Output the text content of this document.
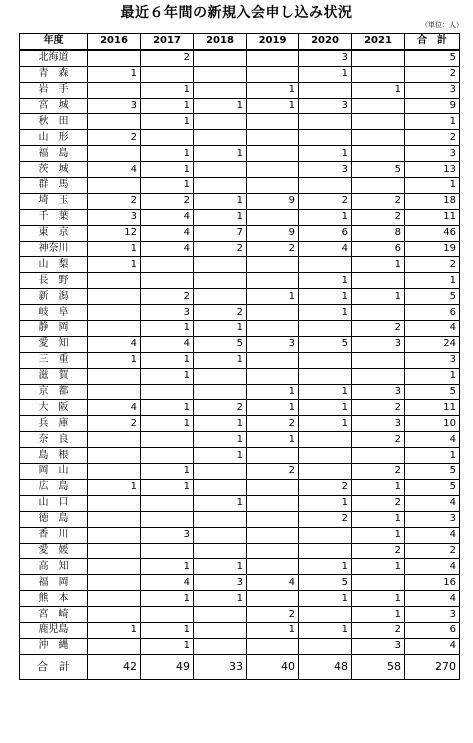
最近６年間の新規入会申し込み状況
（単位：人）
年度	2016	2017	2018	2019	2020	2021	合　計
北海道		2			3		5
青　森	1				1		2
岩　手		1		1		1	3
宮　城	3	1	1	1	3		9
秋　田		1					1
山　形	2						2
福　島		1	1		1		3
茨　城	4	1			3	5	13
群　馬		1					1
埼　玉	2	2	1	9	2	2	18
千　葉	3	4	1		1	2	11
東　京	12	4	7	9	6	8	46
神奈川	1	4	2	2	4	6	19
山　梨	1					1	2
長　野					1		1
新　潟		2		1	1	1	5
岐　阜		3	2		1		6
静　岡		1	1			2	4
愛　知	4	4	5	3	5	3	24
三　重	1	1	1				3
滋　賀		1					1
京　都				1	1	3	5
大　阪	4	1	2	1	1	2	11
兵　庫	2	1	1	2	1	3	10
奈　良			1	1		2	4
島　根			1				1
岡　山		1		2		2	5
広　島	1	1			2	1	5
山　口			1		1	2	4
徳　島					2	1	3
香　川		3				1	4
愛　媛						2	2
高　知		1	1		1	1	4
福　岡		4	3	4	5		16
熊　本		1	1		1	1	4
宮　崎				2		1	3
鹿児島	1	1		1	1	2	6
沖　縄		1				3	4
合　計	42	49	33	40	48	58	270
